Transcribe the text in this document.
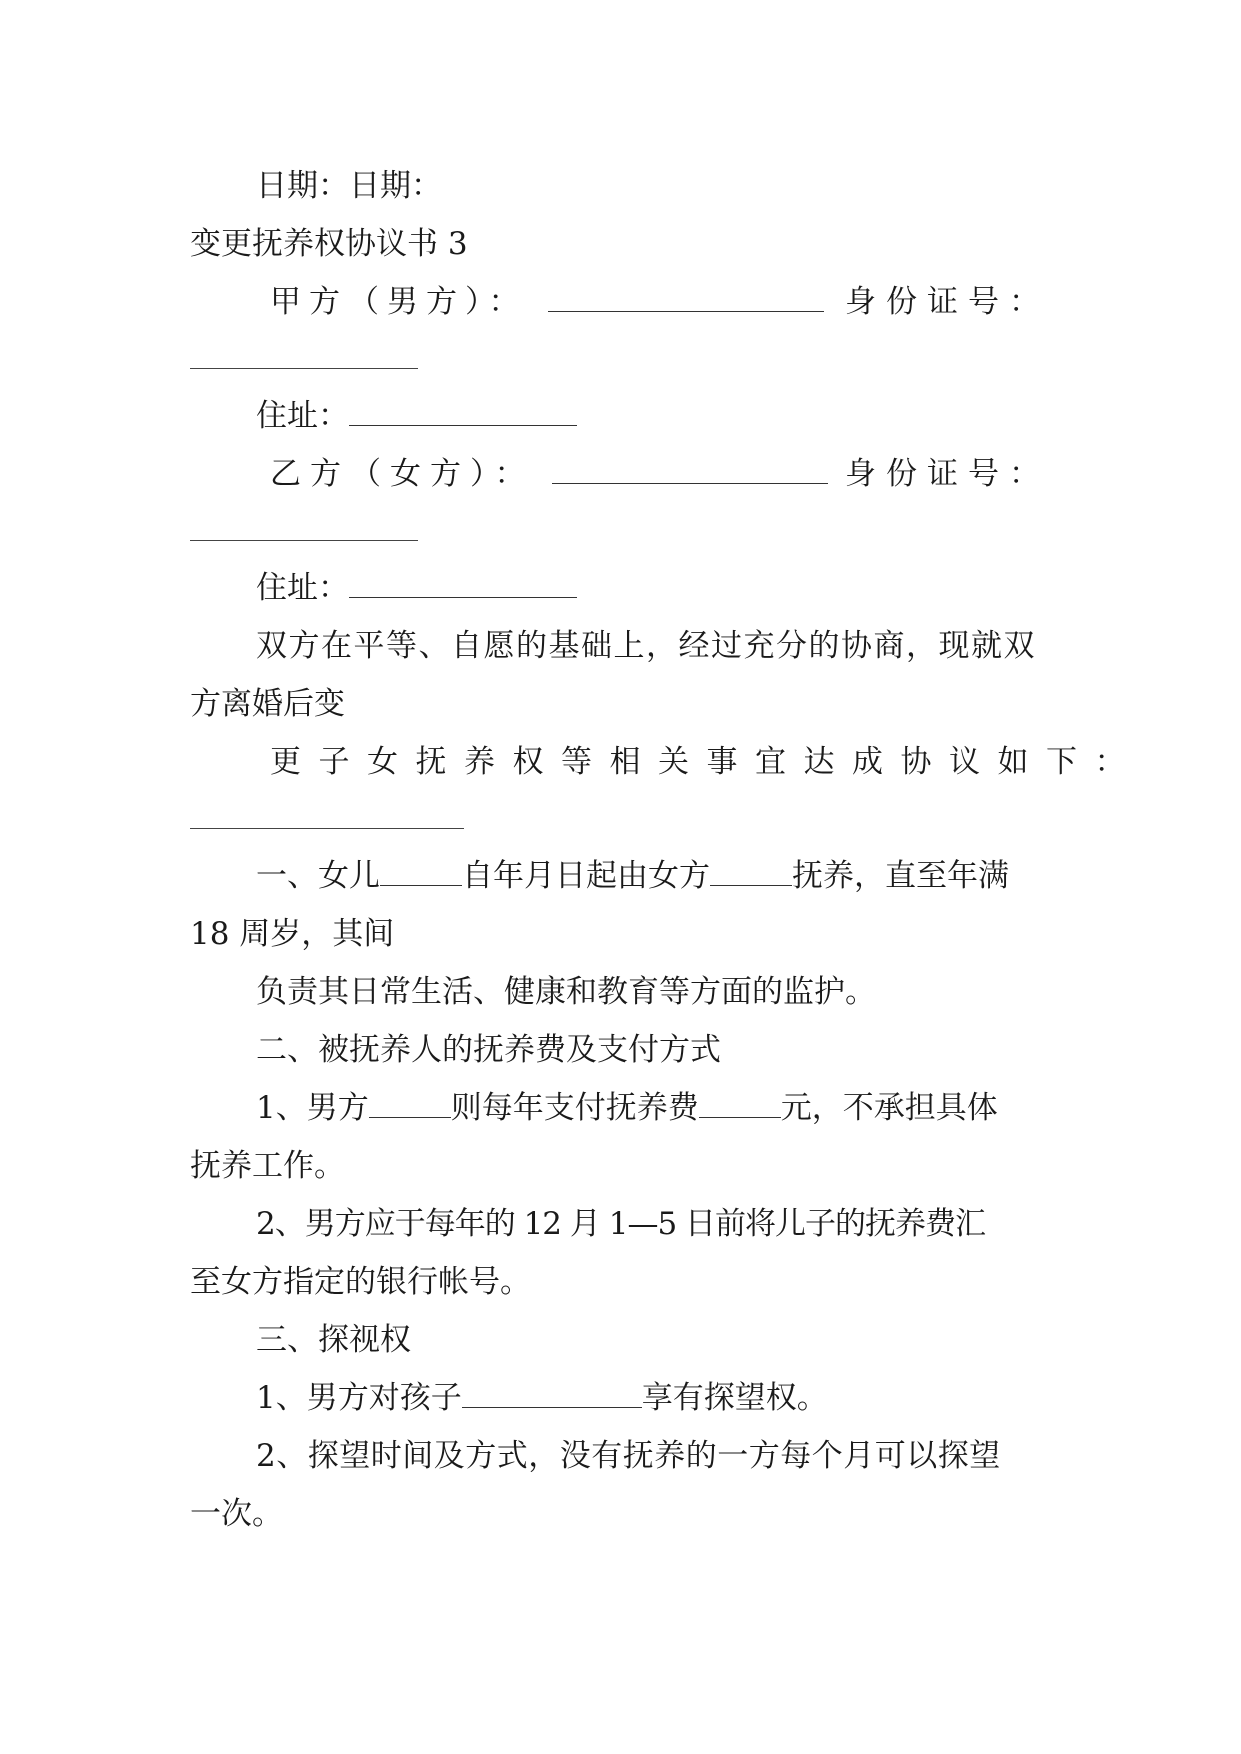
日期：日期：
变更抚养权协议书 3
甲方（男方）：	身份证号：
住址：
乙方（女方）：	身份证号：
住址：
双方在平等、自愿的基础上，经过充分的协商，现就双
方离婚后变
更子女抚养权等相关事宜达成协议如下：
一、女儿	自年月日起由女方	抚养，直至年满
18 周岁，其间
负责其日常生活、健康和教育等方面的监护。
二、被抚养人的抚养费及支付方式
1、男方	则每年支付抚养费	元，不承担具体
抚养工作。
2、男方应于每年的 12 月 1—5 日前将儿子的抚养费汇
至女方指定的银行帐号。
三、探视权
1、男方对孩子	享有探望权。
2、探望时间及方式，没有抚养的一方每个月可以探望
一次。
